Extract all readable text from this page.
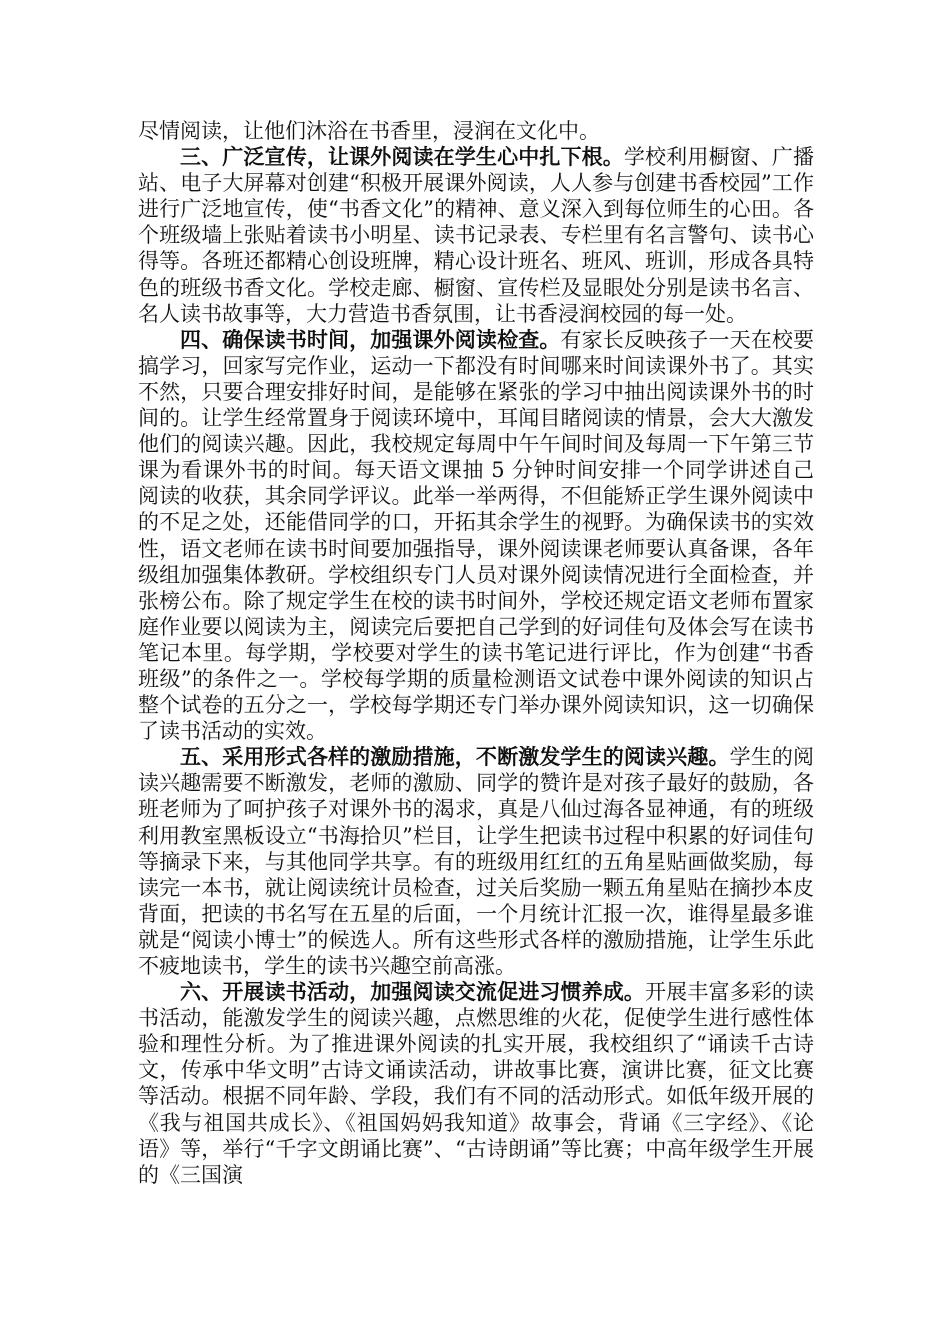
尽情阅读，让他们沐浴在书香里，浸润在文化中。

三、广泛宣传，让课外阅读在学生心中扎下根。学校利用橱窗、广播站、电子大屏幕对创建“积极开展课外阅读，人人参与创建书香校园”工作进行广泛地宣传，使“书香文化”的精神、意义深入到每位师生的心田。各个班级墙上张贴着读书小明星、读书记录表、专栏里有名言警句、读书心得等。各班还都精心创设班牌，精心设计班名、班风、班训，形成各具特色的班级书香文化。学校走廊、橱窗、宣传栏及显眼处分别是读书名言、名人读书故事等，大力营造书香氛围，让书香浸润校园的每一处。

四、确保读书时间，加强课外阅读检查。有家长反映孩子一天在校要搞学习，回家写完作业，运动一下都没有时间哪来时间读课外书了。其实不然，只要合理安排好时间，是能够在紧张的学习中抽出阅读课外书的时间的。让学生经常置身于阅读环境中，耳闻目睹阅读的情景，会大大激发他们的阅读兴趣。因此，我校规定每周中午午间时间及每周一下午第三节课为看课外书的时间。每天语文课抽 5 分钟时间安排一个同学讲述自己阅读的收获，其余同学评议。此举一举两得，不但能矫正学生课外阅读中的不足之处，还能借同学的口，开拓其余学生的视野。为确保读书的实效性，语文老师在读书时间要加强指导，课外阅读课老师要认真备课，各年级组加强集体教研。学校组织专门人员对课外阅读情况进行全面检查，并张榜公布。除了规定学生在校的读书时间外，学校还规定语文老师布置家庭作业要以阅读为主，阅读完后要把自己学到的好词佳句及体会写在读书笔记本里。每学期，学校要对学生的读书笔记进行评比，作为创建“书香班级”的条件之一。学校每学期的质量检测语文试卷中课外阅读的知识占整个试卷的五分之一，学校每学期还专门举办课外阅读知识，这一切确保了读书活动的实效。

五、采用形式各样的激励措施，不断激发学生的阅读兴趣。学生的阅读兴趣需要不断激发，老师的激励、同学的赞许是对孩子最好的鼓励，各班老师为了呵护孩子对课外书的渴求，真是八仙过海各显神通，有的班级利用教室黑板设立“书海拾贝”栏目，让学生把读书过程中积累的好词佳句等摘录下来，与其他同学共享。有的班级用红红的五角星贴画做奖励，每读完一本书，就让阅读统计员检查，过关后奖励一颗五角星贴在摘抄本皮背面，把读的书名写在五星的后面，一个月统计汇报一次，谁得星最多谁就是“阅读小博士”的候选人。所有这些形式各样的激励措施，让学生乐此不疲地读书，学生的读书兴趣空前高涨。

六、开展读书活动，加强阅读交流促进习惯养成。开展丰富多彩的读书活动，能激发学生的阅读兴趣，点燃思维的火花，促使学生进行感性体验和理性分析。为了推进课外阅读的扎实开展，我校组织了“诵读千古诗文，传承中华文明”古诗文诵读活动，讲故事比赛，演讲比赛，征文比赛等活动。根据不同年龄、学段，我们有不同的活动形式。如低年级开展的《我与祖国共成长》、《祖国妈妈我知道》故事会，背诵《三字经》、《论语》等，举行“千字文朗诵比赛”、“古诗朗诵”等比赛；中高年级学生开展的《三国演
